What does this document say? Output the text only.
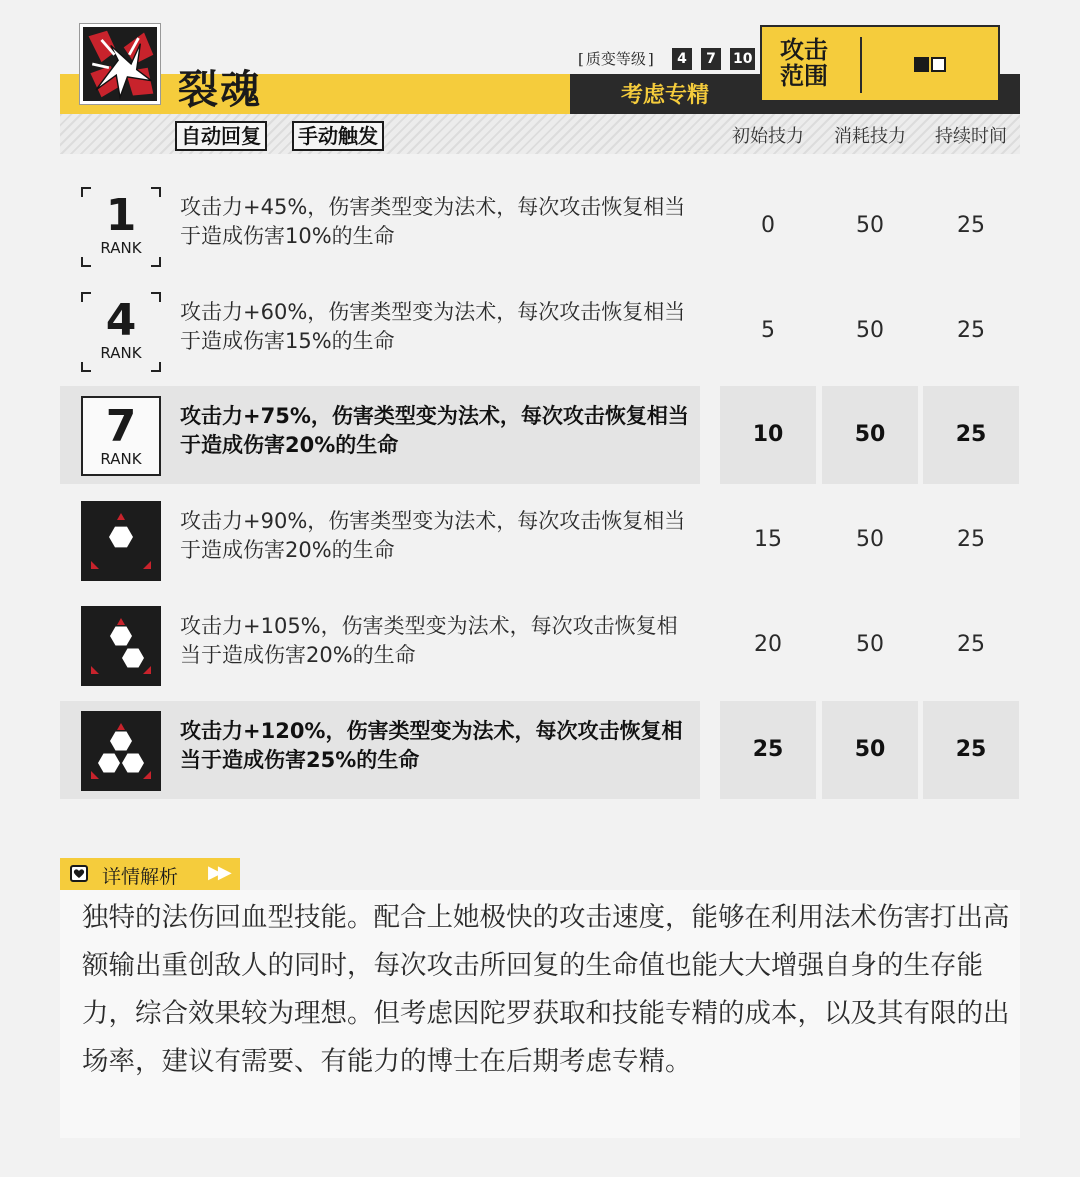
裂魂
[ 质变等级 ]	4	7	10
考虑专精
攻击范围
自动回复	手动触发	初始技力	消耗技力	持续时间
1
RANK
攻击力+45%，伤害类型变为法术，每次攻击恢复相当于造成伤害10%的生命	0	50	25
4
RANK
攻击力+60%，伤害类型变为法术，每次攻击恢复相当于造成伤害15%的生命	5	50	25
7
RANK
攻击力+75%，伤害类型变为法术，每次攻击恢复相当于造成伤害20%的生命	10	50	25
攻击力+90%，伤害类型变为法术，每次攻击恢复相当于造成伤害20%的生命	15	50	25
攻击力+105%，伤害类型变为法术，每次攻击恢复相当于造成伤害20%的生命	20	50	25
攻击力+120%，伤害类型变为法术，每次攻击恢复相当于造成伤害25%的生命	25	50	25
详情解析 ▶▶
独特的法伤回血型技能。配合上她极快的攻击速度，能够在利用法术伤害打出高额输出重创敌人的同时，每次攻击所回复的生命值也能大大增强自身的生存能力，综合效果较为理想。但考虑因陀罗获取和技能专精的成本，以及其有限的出场率，建议有需要、有能力的博士在后期考虑专精。
